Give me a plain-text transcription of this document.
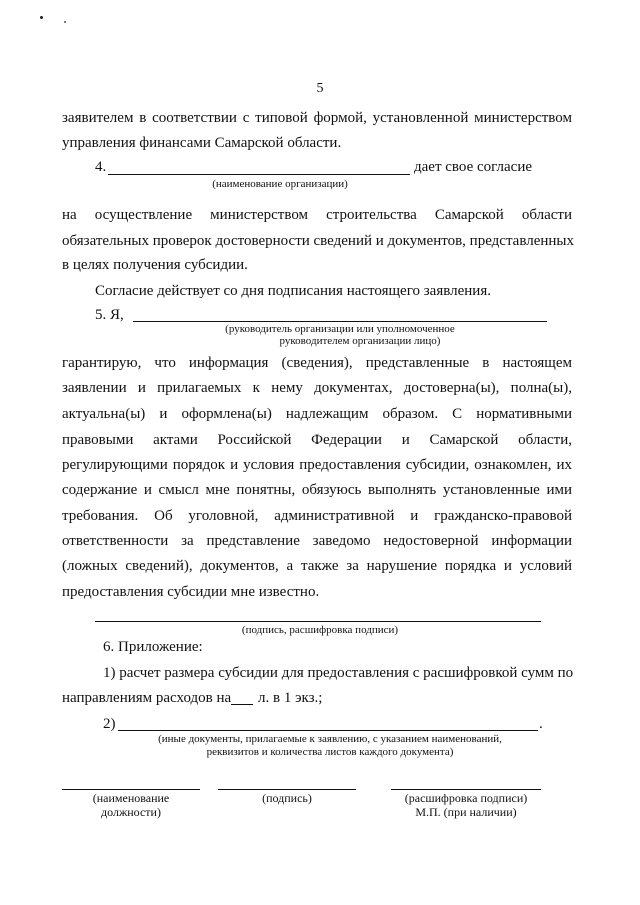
5
заявителем в соответствии с типовой формой, установленной министерством
управления финансами Самарской области.
4.	дает свое согласие
(наименование организации)
на осуществление министерством строительства Самарской области
обязательных проверок достоверности сведений и документов, представленных
в целях получения субсидии.
Согласие действует со дня подписания настоящего заявления.
5. Я,
(руководитель организации или уполномоченное
руководителем организации лицо)
гарантирую, что информация (сведения), представленные в настоящем
заявлении и прилагаемых к нему документах, достоверна(ы), полна(ы),
актуальна(ы) и оформлена(ы) надлежащим образом. С нормативными
правовыми актами Российской Федерации и Самарской области,
регулирующими порядок и условия предоставления субсидии, ознакомлен, их
содержание и смысл мне понятны, обязуюсь выполнять установленные ими
требования. Об уголовной, административной и гражданско-правовой
ответственности за представление заведомо недостоверной информации
(ложных сведений), документов, а также за нарушение порядка и условий
предоставления субсидии мне известно.
(подпись, расшифровка подписи)
6. Приложение:
1) расчет размера субсидии для предоставления с расшифровкой сумм по
направлениям расходов на л. в 1 экз.;
2)	.
(иные документы, прилагаемые к заявлению, с указанием наименований,
реквизитов и количества листов каждого документа)
(наименование
должности)
(подпись)	(расшифровка подписи)
М.П. (при наличии)
